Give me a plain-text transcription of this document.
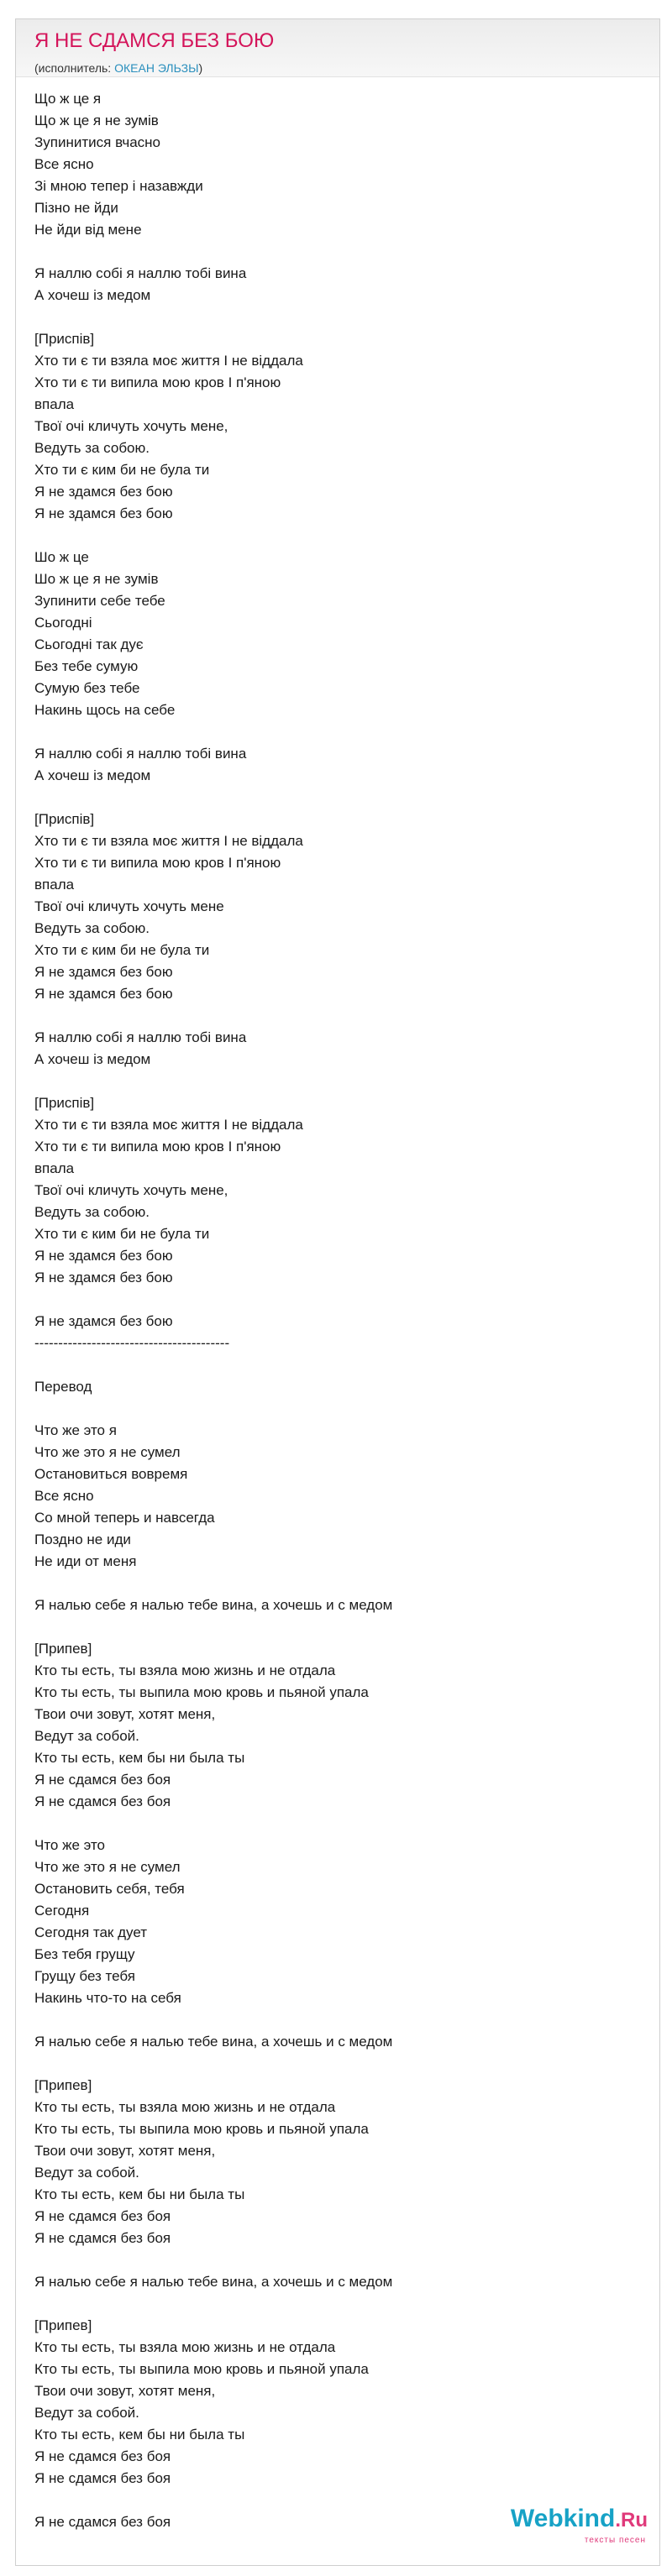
Я НЕ СДАМСЯ БЕЗ БОЮ
(исполнитель: ОКЕАН ЭЛЬЗЫ)
Що ж це я
Що ж це я не зумів
Зупинитися вчасно
Все ясно
Зі мною тепер і назавжди
Пізно не йди
Не йди від мене
Я наллю собі я наллю тобі вина
А хочеш із медом
[Приспів]
Хто ти є ти взяла моє життя І не віддала
Хто ти є ти випила мою кров І п'яною
впала
Твої очі кличуть хочуть мене,
Ведуть за собою.
Хто ти є ким би не була ти
Я не здамся без бою
Я не здамся без бою
Шо ж це
Шо ж це я не зумів
Зупинити себе тебе
Сьогодні
Сьогодні так дує
Без тебе сумую
Сумую без тебе
Накинь щось на себе
Я наллю собі я наллю тобі вина
А хочеш із медом
[Приспів]
Хто ти є ти взяла моє життя І не віддала
Хто ти є ти випила мою кров І п'яною
впала
Твої очі кличуть хочуть мене
Ведуть за собою.
Хто ти є ким би не була ти
Я не здамся без бою
Я не здамся без бою
Я наллю собі я наллю тобі вина
А хочеш із медом
[Приспів]
Хто ти є ти взяла моє життя І не віддала
Хто ти є ти випила мою кров І п'яною
впала
Твої очі кличуть хочуть мене,
Ведуть за собою.
Хто ти є ким би не була ти
Я не здамся без бою
Я не здамся без бою
Я не здамся без бою
-----------------------------------------
Перевод
Что же это я
Что же это я не сумел
Остановиться вовремя
Все ясно
Со мной теперь и навсегда
Поздно не иди
Не иди от меня
Я налью себе я налью тебе вина, а хочешь и с медом
[Припев]
Кто ты есть, ты взяла мою жизнь и не отдала
Кто ты есть, ты выпила мою кровь и пьяной упала
Твои очи зовут, хотят меня,
Ведут за собой.
Кто ты есть, кем бы ни была ты
Я не сдамся без боя
Я не сдамся без боя
Что же это
Что же это я не сумел
Остановить себя, тебя
Сегодня
Сегодня так дует
Без тебя грущу
Грущу без тебя
Накинь что-то на себя
Я налью себе я налью тебе вина, а хочешь и с медом
[Припев]
Кто ты есть, ты взяла мою жизнь и не отдала
Кто ты есть, ты выпила мою кровь и пьяной упала
Твои очи зовут, хотят меня,
Ведут за собой.
Кто ты есть, кем бы ни была ты
Я не сдамся без боя
Я не сдамся без боя
Я налью себе я налью тебе вина, а хочешь и с медом
[Припев]
Кто ты есть, ты взяла мою жизнь и не отдала
Кто ты есть, ты выпила мою кровь и пьяной упала
Твои очи зовут, хотят меня,
Ведут за собой.
Кто ты есть, кем бы ни была ты
Я не сдамся без боя
Я не сдамся без боя
Я не сдамся без боя	Webkind.Ru
тексты песен
